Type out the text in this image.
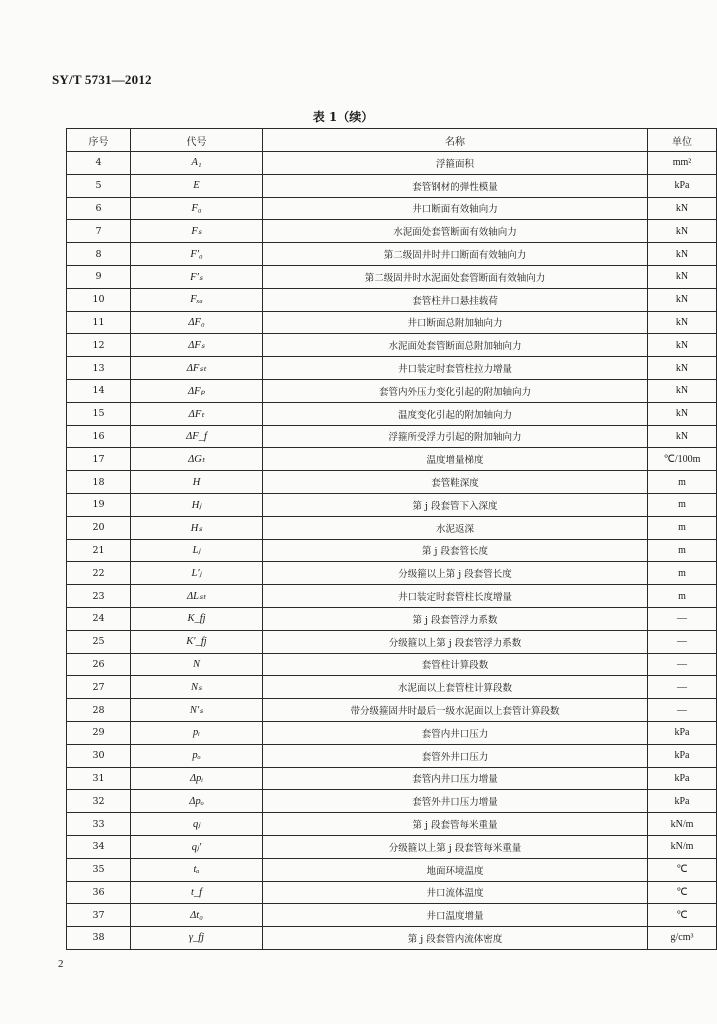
SY/T 5731—2012
表 1（续）
序号	代号	名称	单位
4	A₁	浮箍面积	mm²
5	E	套管钢材的弹性模量	kPa
6	F₀	井口断面有效轴向力	kN
7	Fₛ	水泥面处套管断面有效轴向力	kN
8	F′₀	第二级固井时井口断面有效轴向力	kN
9	F′ₛ	第二级固井时水泥面处套管断面有效轴向力	kN
10	Fₓₐ	套管柱井口悬挂载荷	kN
11	ΔF₀	井口断面总附加轴向力	kN
12	ΔFₛ	水泥面处套管断面总附加轴向力	kN
13	ΔFₛₜ	井口装定时套管柱拉力增量	kN
14	ΔFₚ	套管内外压力变化引起的附加轴向力	kN
15	ΔFₜ	温度变化引起的附加轴向力	kN
16	ΔF_f	浮箍所受浮力引起的附加轴向力	kN
17	ΔGₜ	温度增量梯度	℃/100m
18	H	套管鞋深度	m
19	Hⱼ	第 j 段套管下入深度	m
20	Hₛ	水泥返深	m
21	Lⱼ	第 j 段套管长度	m
22	L′ⱼ	分级箍以上第 j 段套管长度	m
23	ΔLₛₜ	井口装定时套管柱长度增量	m
24	K_fj	第 j 段套管浮力系数	—
25	K′_fj	分级箍以上第 j 段套管浮力系数	—
26	N	套管柱计算段数	—
27	Nₛ	水泥面以上套管柱计算段数	—
28	N′ₛ	带分级箍固井时最后一级水泥面以上套管计算段数	—
29	pᵢ	套管内井口压力	kPa
30	pₒ	套管外井口压力	kPa
31	Δpᵢ	套管内井口压力增量	kPa
32	Δpₒ	套管外井口压力增量	kPa
33	qⱼ	第 j 段套管每米重量	kN/m
34	qⱼ′	分级箍以上第 j 段套管每米重量	kN/m
35	tₐ	地面环境温度	℃
36	t_f	井口流体温度	℃
37	Δt₀	井口温度增量	℃
38	γ_fj	第 j 段套管内流体密度	g/cm³
2
